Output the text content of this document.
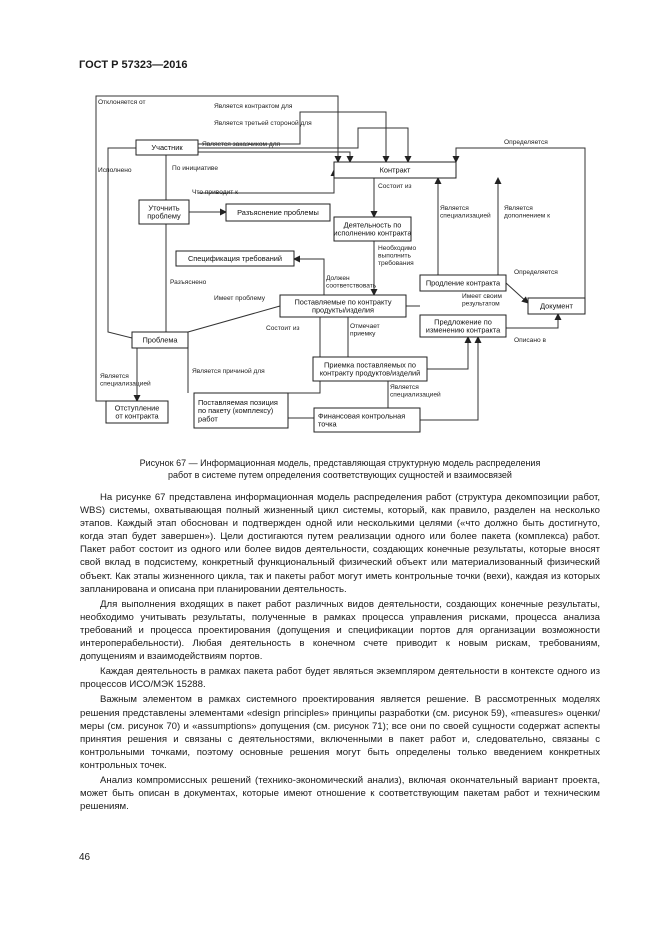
ГОСТ Р 57323—2016
Участник
Контракт
Уточнить
проблему	Разъяснение проблемы
Деятельность по
исполнению контракта
Спецификация требований
Поставляемые по контракту
продукты/изделия
Продление контракта
Документ
Предложение по
изменению контракта
Проблема
Приемка поставляемых по
контракту продуктов/изделий
Отступление
от контракта
Поставляемая позиция
по пакету (комплексу)
работ	Финансовая контрольная
точка
Отклоняется от
Является контрактом для
Является третьей стороной для
Является заказчиком для	Определяется
Исполнено	По инициативе
Что приводит к
Состоит из
Является
специализацией
Является
дополнением к
Необходимо
выполнить
требования
Определяется
Должен
соответствовать
Разъяснено
Имеет проблему
Состоит из
Имеет своим
результатом
Описано в
Отмечает
приемку
Является причиной для
Является
специализацией
Является
специализацией
Рисунок 67 — Информационная модель, представляющая структурную модель распределения
работ в системе путем определения соответствующих сущностей и взаимосвязей

На рисунке 67 представлена информационная модель распределения работ (структура декомпозиции работ, WBS) системы, охватывающая полный жизненный цикл системы, который, как правило, разделен на несколько этапов. Каждый этап обоснован и подтвержден одной или несколькими целями («что должно быть достигнуто, когда этап будет завершен»). Цели достигаются путем реализации одного или более пакета (комплекса) работ. Пакет работ состоит из одного или более видов деятельности, создающих конечные результаты, которые вносят свой вклад в подсистему, конкретный функциональный физический объект или материализованный физический объект. Как этапы жизненного цикла, так и пакеты работ могут иметь контрольные точки (вехи), каждая из которых запланирована и описана при планировании деятельность.

Для выполнения входящих в пакет работ различных видов деятельности, создающих конечные результаты, необходимо учитывать результаты, полученные в рамках процесса управления рисками, процесса анализа требований и процесса проектирования (допущения и спецификации портов для организации возможности интероперабельности). Любая деятельность в конечном счете приводит к новым рискам, требованиям, допущениям и взаимодействиям портов.

Каждая деятельность в рамках пакета работ будет являться экземпляром деятельности в контексте одного из процессов ИСО/МЭК 15288.

Важным элементом в рамках системного проектирования является решение. В рассмотренных моделях решения представлены элементами «design principles» принципы разработки (см. рисунок 59), «measures» оценки/меры (см. рисунок 70) и «assumptions» допущения (см. рисунок 71); все они по своей сущности содержат аспекты принятия решения и связаны с деятельностями, включенными в пакет работ и, следовательно, связаны с контрольными точками, поэтому основные решения могут быть определены только введением конкретных контрольных точек.

Анализ компромиссных решений (технико-экономический анализ), включая окончательный вариант проекта, может быть описан в документах, которые имеют отношение к соответствующим пакетам работ и техническим решениям.

46
